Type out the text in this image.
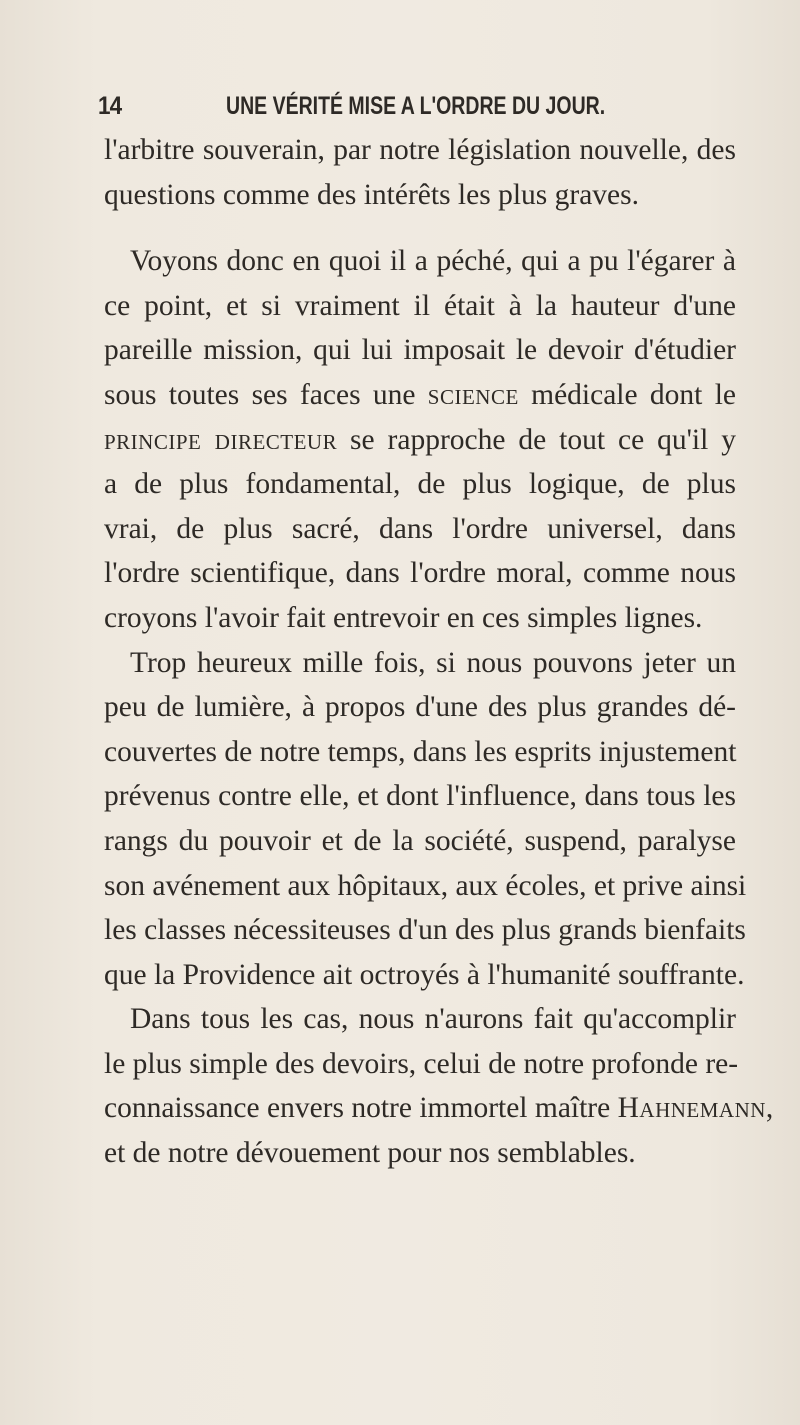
14	UNE VÉRITÉ MISE A L'ORDRE DU JOUR.
l'arbitre souverain, par notre législation nouvelle, des
questions comme des intérêts les plus graves.
Voyons donc en quoi il a péché, qui a pu l'égarer à
ce point, et si vraiment il était à la hauteur d'une
pareille mission, qui lui imposait le devoir d'étudier
sous toutes ses faces une science médicale dont le
principe directeur se rapproche de tout ce qu'il y
a de plus fondamental, de plus logique, de plus
vrai, de plus sacré, dans l'ordre universel, dans
l'ordre scientifique, dans l'ordre moral, comme nous
croyons l'avoir fait entrevoir en ces simples lignes.
Trop heureux mille fois, si nous pouvons jeter un
peu de lumière, à propos d'une des plus grandes dé-
couvertes de notre temps, dans les esprits injustement
prévenus contre elle, et dont l'influence, dans tous les
rangs du pouvoir et de la société, suspend, paralyse
son avénement aux hôpitaux, aux écoles, et prive ainsi
les classes nécessiteuses d'un des plus grands bienfaits
que la Providence ait octroyés à l'humanité souffrante.
Dans tous les cas, nous n'aurons fait qu'accomplir
le plus simple des devoirs, celui de notre profonde re-
connaissance envers notre immortel maître Hahnemann,
et de notre dévouement pour nos semblables.
